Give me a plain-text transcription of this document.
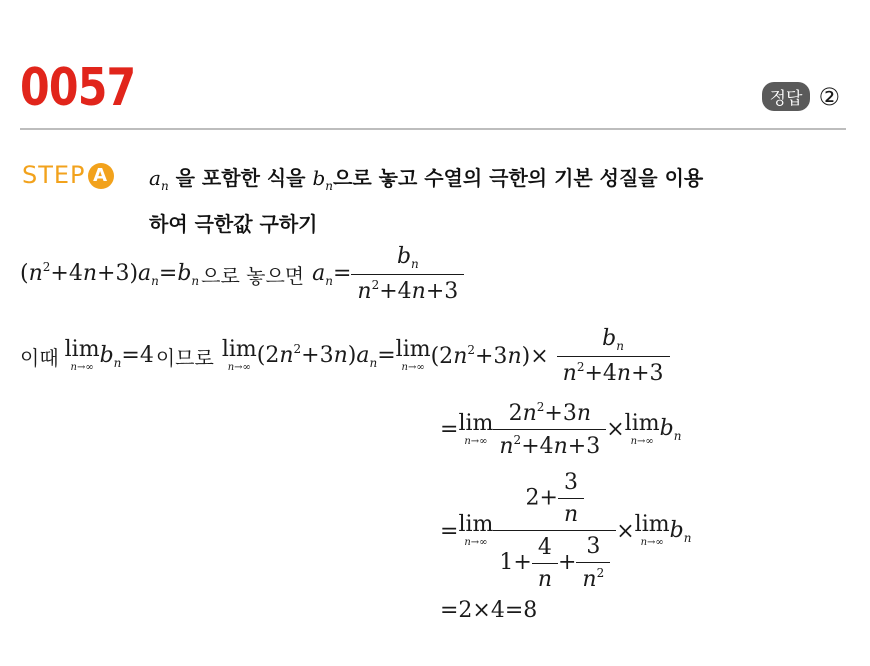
0057	정답 ②
STEP A $a_n$ 을 포함한 식을 $b_n$으로 놓고 수열의 극한의 기본 성질을 이용
하여 극한값 구하기
$(n^2+4n+3)a_n=b_n$ 으로 놓으면 $a_n= \frac{b_n}{n^2+4n+3}$
이때 lim
n→∞ $b_n=4$ 이므로 lim
n→∞ $(2n^2+3n)a_n= \lim$
n→∞ $(2n^2+3n)\times \frac{b_n}{n^2+4n+3}$
= lim
$n\to\infty \frac{2n^2+3n}{n^2+4n+3} \times \lim$
n→∞ $b_n$
= lim
$n\to\infty \frac{2+ \frac{3}{n}}{1+ \frac{4}{n} + \frac{3}{n^2}} \times \lim$
n→∞ $b_n$
=2×4=8
